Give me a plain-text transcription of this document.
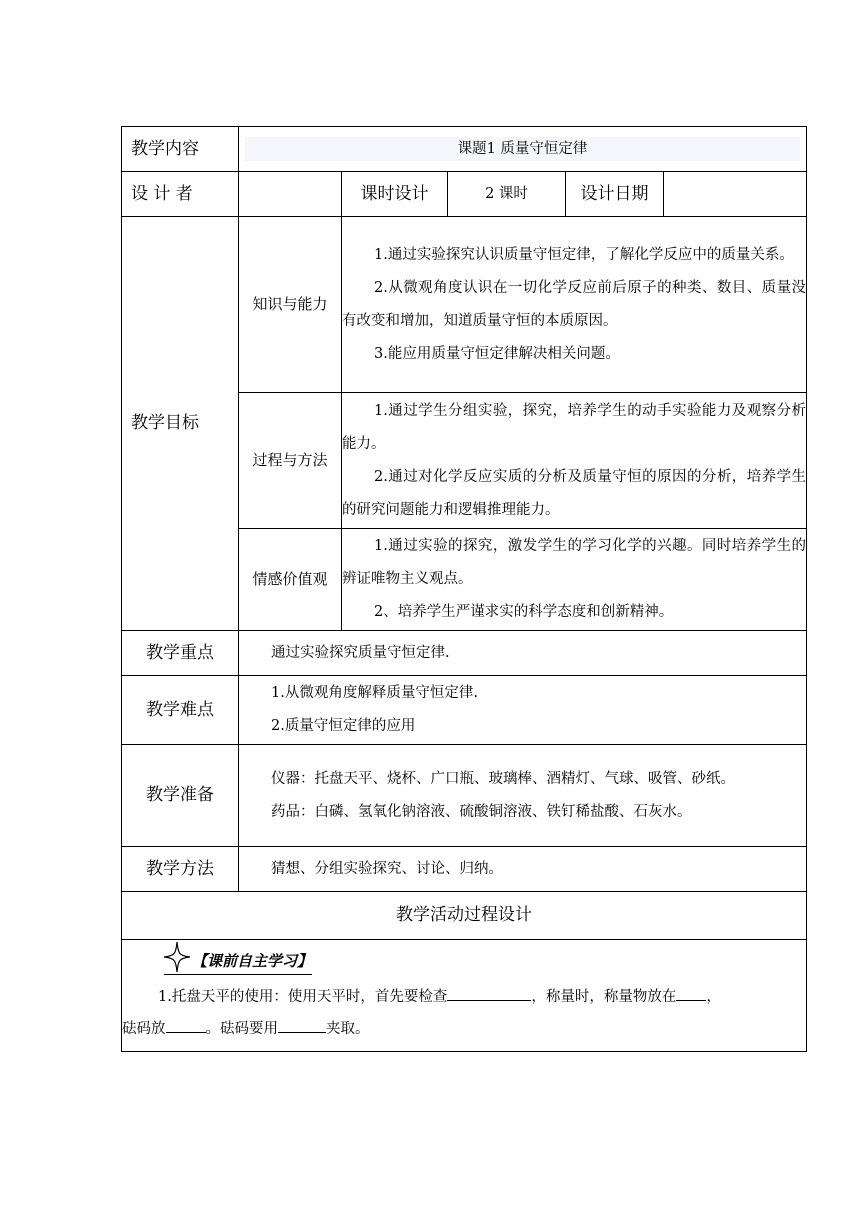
教学内容	课题1 质量守恒定律				

设 计 者		课时设计	2 课时	设计日期	
教学目标	知识与能力	1.通过实验探究认识质量守恒定律，了解化学反应中的质量关系。

2.从微观角度认识在一切化学反应前后原子的种类、数目、质量没有改变和增加，知道质量守恒的本质原因。

3.能应用质量守恒定律解决相关问题。			

	过程与方法	1.通过学生分组实验，探究，培养学生的动手实验能力及观察分析能力。

2.通过对化学反应实质的分析及质量守恒的原因的分析，培养学生的研究问题能力和逻辑推理能力。			

	情感价值观	1.通过实验的探究，激发学生的学习化学的兴趣。同时培养学生的辨证唯物主义观点。

2、培养学生严谨求实的科学态度和创新精神。			

教学重点	通过实验探究质量守恒定律.				

教学难点	1.从微观角度解释质量守恒定律.

2.质量守恒定律的应用				

教学准备	仪器：托盘天平、烧杯、广口瓶、玻璃棒、酒精灯、气球、吸管、砂纸。

药品：白磷、氢氧化钠溶液、硫酸铜溶液、铁钉稀盐酸、石灰水。				

教学方法	猜想、分组实验探究、讨论、归纳。				

教学活动过程设计					

【课前自主学习】

1.托盘天平的使用：使用天平时，首先要检查 ，称量时，称量物放在 ，

砝码放 。砝码要用 夹取。					
